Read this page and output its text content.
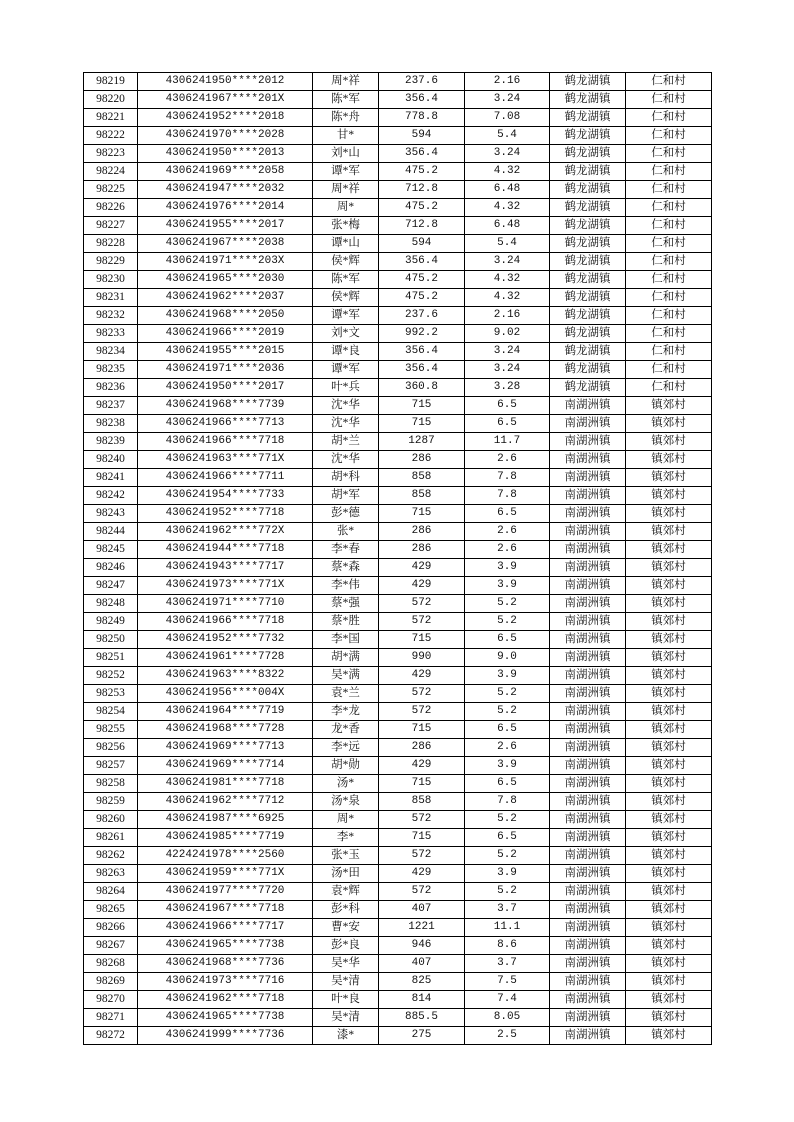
98219	4306241950****2012	周*祥	237.6	2.16	鹤龙湖镇	仁和村
98220	4306241967****201X	陈*军	356.4	3.24	鹤龙湖镇	仁和村
98221	4306241952****2018	陈*舟	778.8	7.08	鹤龙湖镇	仁和村
98222	4306241970****2028	甘*	594	5.4	鹤龙湖镇	仁和村
98223	4306241950****2013	刘*山	356.4	3.24	鹤龙湖镇	仁和村
98224	4306241969****2058	谭*军	475.2	4.32	鹤龙湖镇	仁和村
98225	4306241947****2032	周*祥	712.8	6.48	鹤龙湖镇	仁和村
98226	4306241976****2014	周*	475.2	4.32	鹤龙湖镇	仁和村
98227	4306241955****2017	张*梅	712.8	6.48	鹤龙湖镇	仁和村
98228	4306241967****2038	谭*山	594	5.4	鹤龙湖镇	仁和村
98229	4306241971****203X	侯*辉	356.4	3.24	鹤龙湖镇	仁和村
98230	4306241965****2030	陈*军	475.2	4.32	鹤龙湖镇	仁和村
98231	4306241962****2037	侯*辉	475.2	4.32	鹤龙湖镇	仁和村
98232	4306241968****2050	谭*军	237.6	2.16	鹤龙湖镇	仁和村
98233	4306241966****2019	刘*文	992.2	9.02	鹤龙湖镇	仁和村
98234	4306241955****2015	谭*良	356.4	3.24	鹤龙湖镇	仁和村
98235	4306241971****2036	谭*军	356.4	3.24	鹤龙湖镇	仁和村
98236	4306241950****2017	叶*兵	360.8	3.28	鹤龙湖镇	仁和村
98237	4306241968****7739	沈*华	715	6.5	南湖洲镇	镇郊村
98238	4306241966****7713	沈*华	715	6.5	南湖洲镇	镇郊村
98239	4306241966****7718	胡*兰	1287	11.7	南湖洲镇	镇郊村
98240	4306241963****771X	沈*华	286	2.6	南湖洲镇	镇郊村
98241	4306241966****7711	胡*科	858	7.8	南湖洲镇	镇郊村
98242	4306241954****7733	胡*军	858	7.8	南湖洲镇	镇郊村
98243	4306241952****7718	彭*德	715	6.5	南湖洲镇	镇郊村
98244	4306241962****772X	张*	286	2.6	南湖洲镇	镇郊村
98245	4306241944****7718	李*春	286	2.6	南湖洲镇	镇郊村
98246	4306241943****7717	蔡*森	429	3.9	南湖洲镇	镇郊村
98247	4306241973****771X	李*伟	429	3.9	南湖洲镇	镇郊村
98248	4306241971****7710	蔡*强	572	5.2	南湖洲镇	镇郊村
98249	4306241966****7718	蔡*胜	572	5.2	南湖洲镇	镇郊村
98250	4306241952****7732	李*国	715	6.5	南湖洲镇	镇郊村
98251	4306241961****7728	胡*满	990	9.0	南湖洲镇	镇郊村
98252	4306241963****8322	吴*满	429	3.9	南湖洲镇	镇郊村
98253	4306241956****004X	袁*兰	572	5.2	南湖洲镇	镇郊村
98254	4306241964****7719	李*龙	572	5.2	南湖洲镇	镇郊村
98255	4306241968****7728	龙*香	715	6.5	南湖洲镇	镇郊村
98256	4306241969****7713	李*远	286	2.6	南湖洲镇	镇郊村
98257	4306241969****7714	胡*勋	429	3.9	南湖洲镇	镇郊村
98258	4306241981****7718	汤*	715	6.5	南湖洲镇	镇郊村
98259	4306241962****7712	汤*泉	858	7.8	南湖洲镇	镇郊村
98260	4306241987****6925	周*	572	5.2	南湖洲镇	镇郊村
98261	4306241985****7719	李*	715	6.5	南湖洲镇	镇郊村
98262	4224241978****2560	张*玉	572	5.2	南湖洲镇	镇郊村
98263	4306241959****771X	汤*田	429	3.9	南湖洲镇	镇郊村
98264	4306241977****7720	袁*辉	572	5.2	南湖洲镇	镇郊村
98265	4306241967****7718	彭*科	407	3.7	南湖洲镇	镇郊村
98266	4306241966****7717	曹*安	1221	11.1	南湖洲镇	镇郊村
98267	4306241965****7738	彭*良	946	8.6	南湖洲镇	镇郊村
98268	4306241968****7736	吴*华	407	3.7	南湖洲镇	镇郊村
98269	4306241973****7716	吴*清	825	7.5	南湖洲镇	镇郊村
98270	4306241962****7718	叶*良	814	7.4	南湖洲镇	镇郊村
98271	4306241965****7738	吴*清	885.5	8.05	南湖洲镇	镇郊村
98272	4306241999****7736	漆*	275	2.5	南湖洲镇	镇郊村
